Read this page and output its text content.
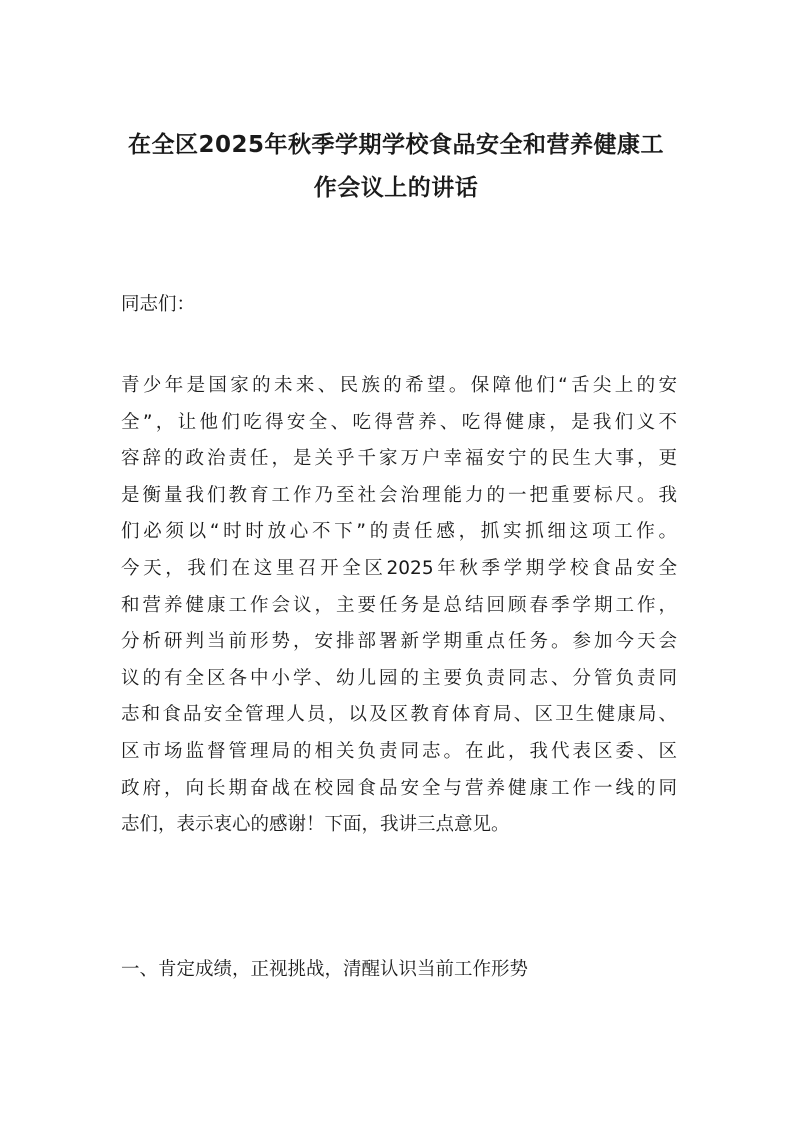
在全区2025年秋季学期学校食品安全和营养健康工
作会议上的讲话

同志们：

青少年是国家的未来、民族的希望。保障他们“舌尖上的安
全”，让他们吃得安全、吃得营养、吃得健康，是我们义不
容辞的政治责任，是关乎千家万户幸福安宁的民生大事，更
是衡量我们教育工作乃至社会治理能力的一把重要标尺。我
们必须以“时时放心不下”的责任感，抓实抓细这项工作。
今天，我们在这里召开全区2025年秋季学期学校食品安全
和营养健康工作会议，主要任务是总结回顾春季学期工作，
分析研判当前形势，安排部署新学期重点任务。参加今天会
议的有全区各中小学、幼儿园的主要负责同志、分管负责同
志和食品安全管理人员，以及区教育体育局、区卫生健康局、
区市场监督管理局的相关负责同志。在此，我代表区委、区
政府，向长期奋战在校园食品安全与营养健康工作一线的同
志们，表示衷心的感谢！下面，我讲三点意见。
一、肯定成绩，正视挑战，清醒认识当前工作形势
